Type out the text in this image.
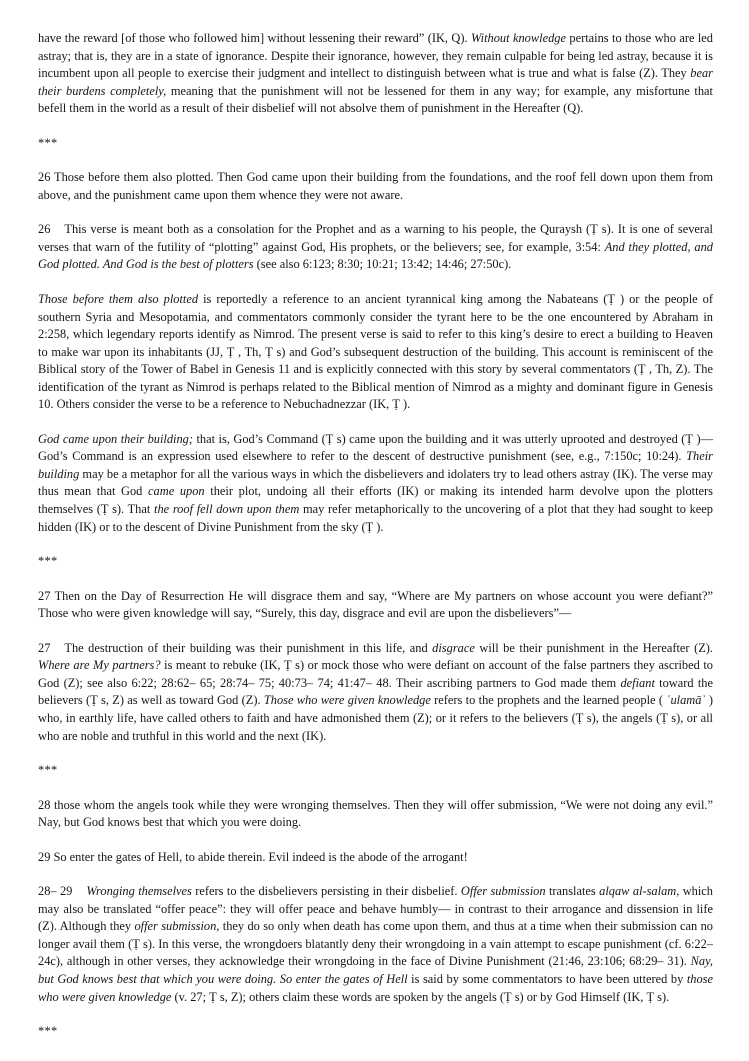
have the reward [of those who followed him] without lessening their reward” (IK, Q). Without knowledge pertains to those who are led astray; that is, they are in a state of ignorance. Despite their ignorance, however, they remain culpable for being led astray, because it is incumbent upon all people to exercise their judgment and intellect to distinguish between what is true and what is false (Z). They bear their burdens completely, meaning that the punishment will not be lessened for them in any way; for example, any misfortune that befell them in the world as a result of their disbelief will not absolve them of punishment in the Hereafter (Q).

***

26 Those before them also plotted. Then God came upon their building from the foundations, and the roof fell down upon them from above, and the punishment came upon them whence they were not aware.

26 This verse is meant both as a consolation for the Prophet and as a warning to his people, the Quraysh (Ṭ s). It is one of several verses that warn of the futility of “plotting” against God, His prophets, or the believers; see, for example, 3:54: And they plotted, and God plotted. And God is the best of plotters (see also 6:123; 8:30; 10:21; 13:42; 14:46; 27:50c).

Those before them also plotted is reportedly a reference to an ancient tyrannical king among the Nabateans (Ṭ ) or the people of southern Syria and Mesopotamia, and commentators commonly consider the tyrant here to be the one encountered by Abraham in 2:258, which legendary reports identify as Nimrod. The present verse is said to refer to this king’s desire to erect a building to Heaven to make war upon its inhabitants (JJ, Ṭ , Th, Ṭ s) and God’s subsequent destruction of the building. This account is reminiscent of the Biblical story of the Tower of Babel in Genesis 11 and is explicitly connected with this story by several commentators (Ṭ , Th, Z). The identification of the tyrant as Nimrod is perhaps related to the Biblical mention of Nimrod as a mighty and dominant figure in Genesis 10. Others consider the verse to be a reference to Nebuchadnezzar (IK, Ṭ ).

God came upon their building; that is, God’s Command (Ṭ s) came upon the building and it was utterly uprooted and destroyed (Ṭ )— God’s Command is an expression used elsewhere to refer to the descent of destructive punishment (see, e.g., 7:150c; 10:24). Their building may be a metaphor for all the various ways in which the disbelievers and idolaters try to lead others astray (IK). The verse may thus mean that God came upon their plot, undoing all their efforts (IK) or making its intended harm devolve upon the plotters themselves (Ṭ s). That the roof fell down upon them may refer metaphorically to the uncovering of a plot that they had sought to keep hidden (IK) or to the descent of Divine Punishment from the sky (Ṭ ).

***

27 Then on the Day of Resurrection He will disgrace them and say, “Where are My partners on whose account you were defiant?” Those who were given knowledge will say, “Surely, this day, disgrace and evil are upon the disbelievers”—

27 The destruction of their building was their punishment in this life, and disgrace will be their punishment in the Hereafter (Z). Where are My partners? is meant to rebuke (IK, Ṭ s) or mock those who were defiant on account of the false partners they ascribed to God (Z); see also 6:22; 28:62– 65; 28:74– 75; 40:73– 74; 41:47– 48. Their ascribing partners to God made them defiant toward the believers (Ṭ s, Z) as well as toward God (Z). Those who were given knowledge refers to the prophets and the learned people ( ʿulamāʾ ) who, in earthly life, have called others to faith and have admonished them (Z); or it refers to the believers (Ṭ s), the angels (Ṭ s), or all who are noble and truthful in this world and the next (IK).

***

28 those whom the angels took while they were wronging themselves. Then they will offer submission, “We were not doing any evil.” Nay, but God knows best that which you were doing.

29 So enter the gates of Hell, to abide therein. Evil indeed is the abode of the arrogant!

28– 29 Wronging themselves refers to the disbelievers persisting in their disbelief. Offer submission translates alqaw al-salam, which may also be translated “offer peace”: they will offer peace and behave humbly— in contrast to their arrogance and dissension in life (Z). Although they offer submission, they do so only when death has come upon them, and thus at a time when their submission can no longer avail them (Ṭ s). In this verse, the wrongdoers blatantly deny their wrongdoing in a vain attempt to escape punishment (cf. 6:22– 24c), although in other verses, they acknowledge their wrongdoing in the face of Divine Punishment (21:46, 23:106; 68:29– 31). Nay, but God knows best that which you were doing. So enter the gates of Hell is said by some commentators to have been uttered by those who were given knowledge (v. 27; Ṭ s, Z); others claim these words are spoken by the angels (Ṭ s) or by God Himself (IK, Ṭ s).

***
